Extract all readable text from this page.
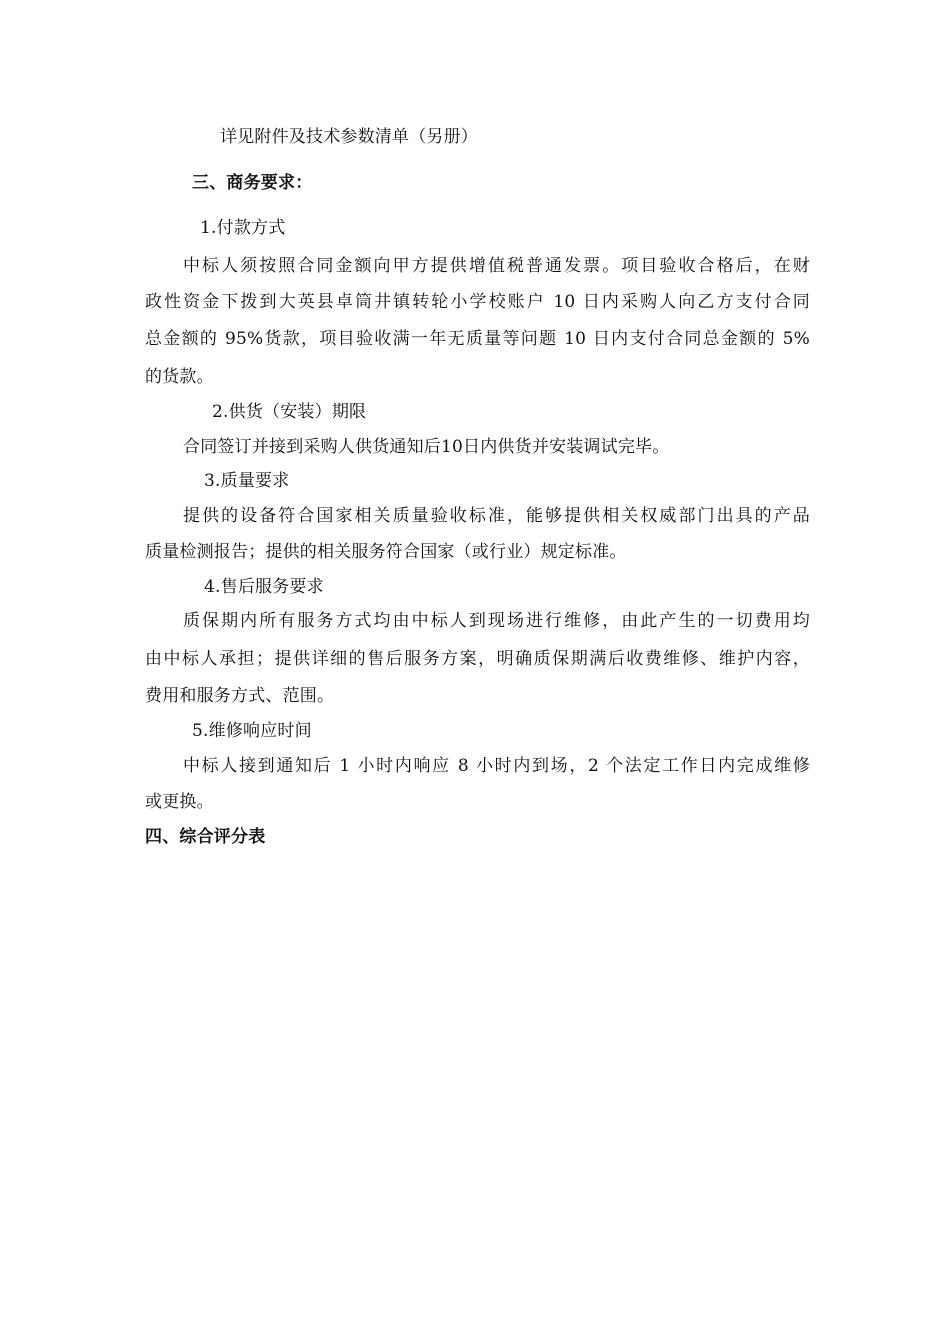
详见附件及技术参数清单（另册）
三、商务要求：
1.付款方式
中标人须按照合同金额向甲方提供增值税普通发票。项目验收合格后，在财
政性资金下拨到大英县卓筒井镇转轮小学校账户 10 日内采购人向乙方支付合同
总金额的 95%货款，项目验收满一年无质量等问题 10 日内支付合同总金额的 5%
的货款。
2.供货（安装）期限
合同签订并接到采购人供货通知后10日内供货并安装调试完毕。
3.质量要求
提供的设备符合国家相关质量验收标准，能够提供相关权威部门出具的产品
质量检测报告；提供的相关服务符合国家（或行业）规定标准。
4.售后服务要求
质保期内所有服务方式均由中标人到现场进行维修，由此产生的一切费用均
由中标人承担；提供详细的售后服务方案，明确质保期满后收费维修、维护内容，
费用和服务方式、范围。
5.维修响应时间
中标人接到通知后 1 小时内响应 8 小时内到场，2 个法定工作日内完成维修
或更换。
四、综合评分表
